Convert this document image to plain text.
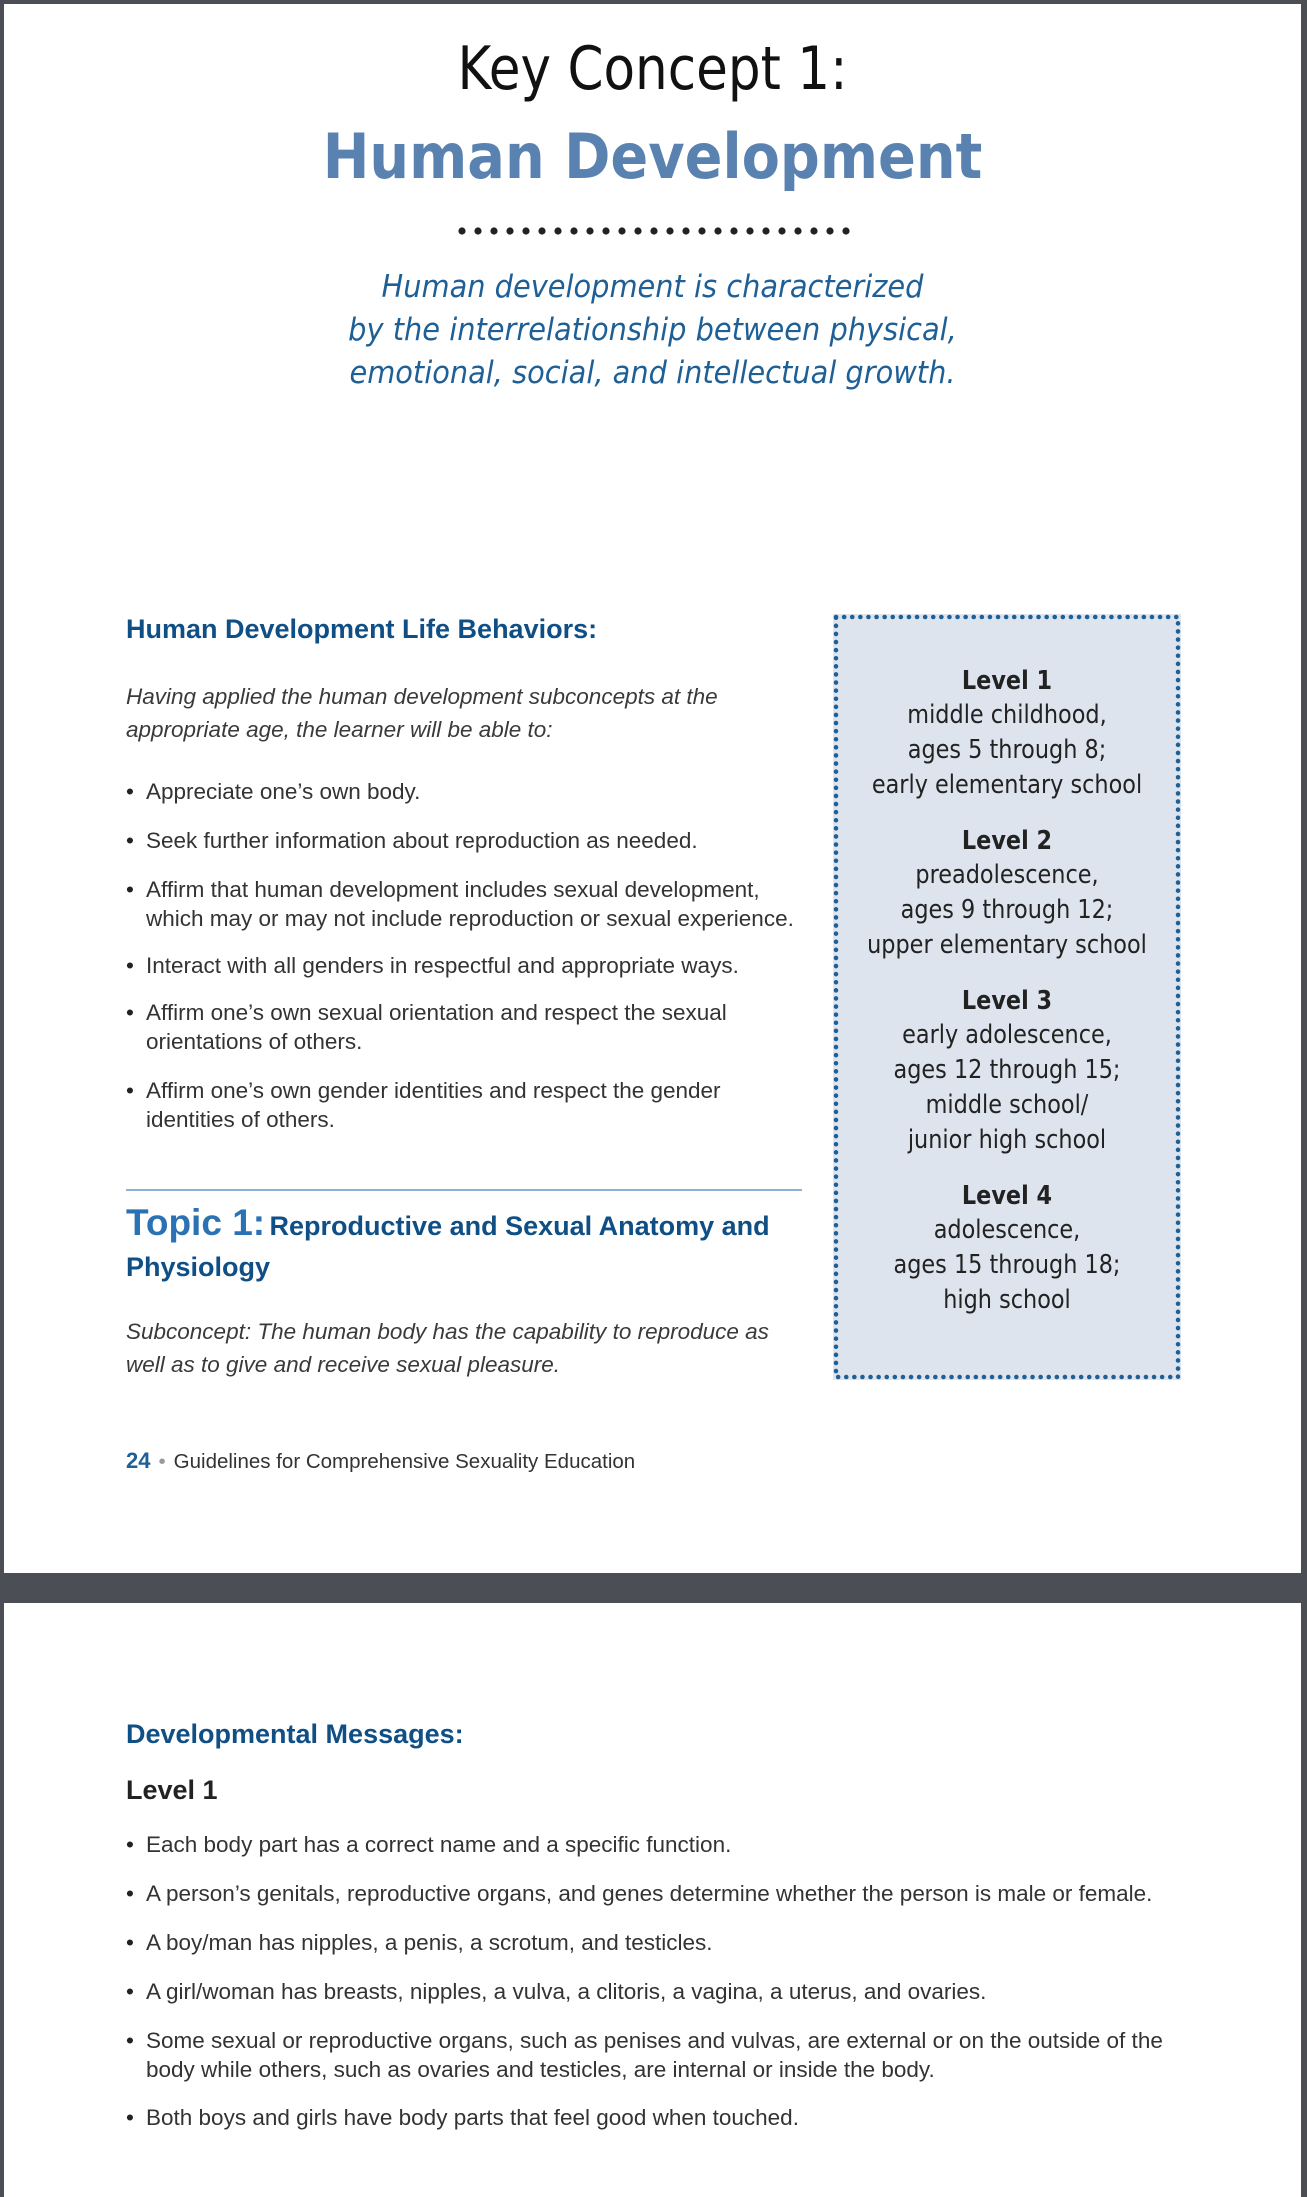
Key Concept 1:
Human Development
Human development is characterized
by the interrelationship between physical,
emotional, social, and intellectual growth.
Human Development Life Behaviors:
Having applied the human development subconcepts at the appropriate age, the learner will be able to:
• Appreciate one’s own body.
• Seek further information about reproduction as needed.
• Affirm that human development includes sexual development, which may or may not include reproduction or sexual experience.
• Interact with all genders in respectful and appropriate ways.
• Affirm one’s own sexual orientation and respect the sexual orientations of others.
• Affirm one’s own gender identities and respect the gender identities of others.
Topic 1: Reproductive and Sexual Anatomy and Physiology
Subconcept: The human body has the capability to reproduce as well as to give and receive sexual pleasure.
24 • Guidelines for Comprehensive Sexuality Education
Level 1
middle childhood,
ages 5 through 8;
early elementary school
Level 2
preadolescence,
ages 9 through 12;
upper elementary school
Level 3
early adolescence,
ages 12 through 15;
middle school/
junior high school
Level 4
adolescence,
ages 15 through 18;
high school
Developmental Messages:
Level 1
• Each body part has a correct name and a specific function.
• A person’s genitals, reproductive organs, and genes determine whether the person is male or female.
• A boy/man has nipples, a penis, a scrotum, and testicles.
• A girl/woman has breasts, nipples, a vulva, a clitoris, a vagina, a uterus, and ovaries.
• Some sexual or reproductive organs, such as penises and vulvas, are external or on the outside of the body while others, such as ovaries and testicles, are internal or inside the body.
• Both boys and girls have body parts that feel good when touched.
